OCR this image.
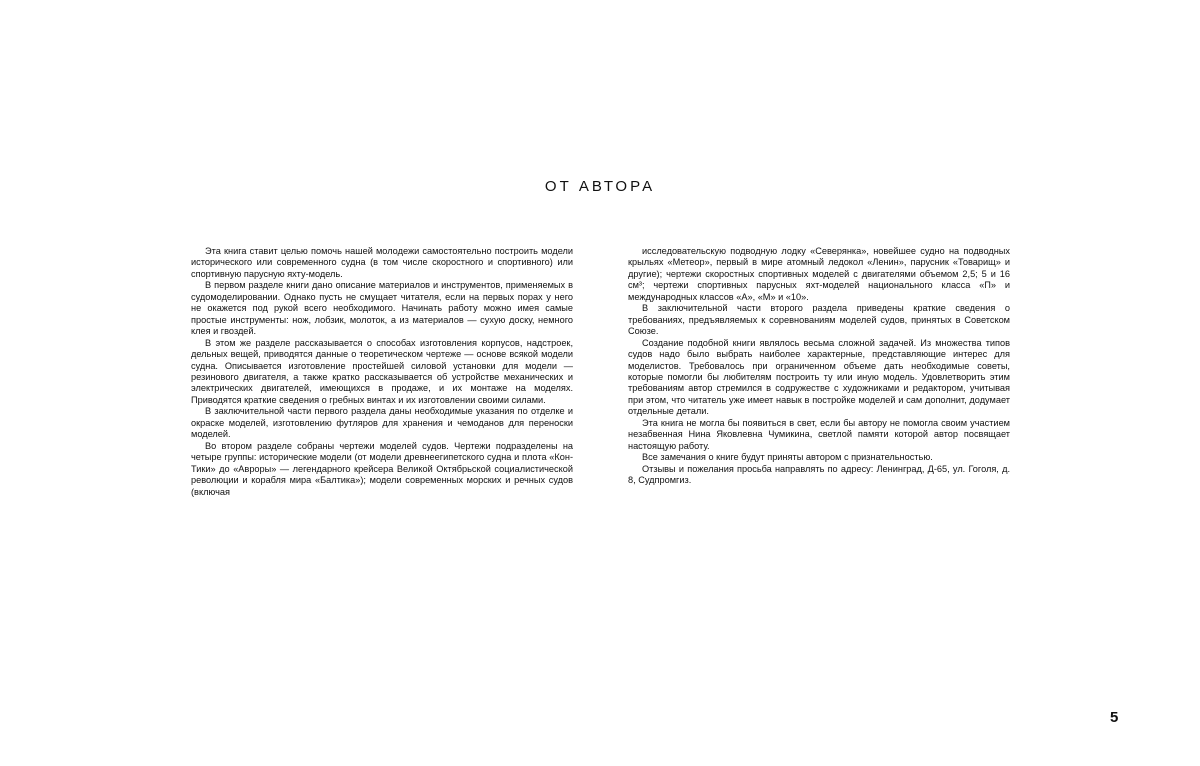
ОТ АВТОРА

Эта книга ставит целью помочь нашей молодежи самостоятельно построить модели исторического или современного судна (в том числе скоростного и спортивного) или спортивную парусную яхту-модель.

В первом разделе книги дано описание материалов и инструментов, применяемых в судомоделировании. Однако пусть не смущает читателя, если на первых порах у него не окажется под рукой всего необходимого. Начинать работу можно имея самые простые инструменты: нож, лобзик, молоток, а из материалов — сухую доску, немного клея и гвоздей.

В этом же разделе рассказывается о способах изготовления корпусов, надстроек, дельных вещей, приводятся данные о теоретическом чертеже — основе всякой модели судна. Описывается изготовление простейшей силовой установки для модели — резинового двигателя, а также кратко рассказывается об устройстве механических и электрических двигателей, имеющихся в продаже, и их монтаже на моделях. Приводятся краткие сведения о гребных винтах и их изготовлении своими силами.

В заключительной части первого раздела даны необходимые указания по отделке и окраске моделей, изготовлению футляров для хранения и чемоданов для переноски моделей.

Во втором разделе собраны чертежи моделей судов. Чертежи подразделены на четыре группы: исторические модели (от модели древнеегипетского судна и плота «Кон-Тики» до «Авроры» — легендарного крейсера Великой Октябрьской социалистической революции и корабля мира «Балтика»); модели современных морских и речных судов (включая

исследовательскую подводную лодку «Северянка», новейшее судно на подводных крыльях «Метеор», первый в мире атомный ледокол «Ленин», парусник «Товарищ» и другие); чертежи скоростных спортивных моделей с двигателями объемом 2,5; 5 и 16 см³; чертежи спортивных парусных яхт-моделей национального класса «П» и международных классов «А», «М» и «10».

В заключительной части второго раздела приведены краткие сведения о требованиях, предъявляемых к соревнованиям моделей судов, принятых в Советском Союзе.

Создание подобной книги являлось весьма сложной задачей. Из множества типов судов надо было выбрать наиболее характерные, представляющие интерес для моделистов. Требовалось при ограниченном объеме дать необходимые советы, которые помогли бы любителям построить ту или иную модель. Удовлетворить этим требованиям автор стремился в содружестве с художниками и редактором, учитывая при этом, что читатель уже имеет навык в постройке моделей и сам дополнит, додумает отдельные детали.

Эта книга не могла бы появиться в свет, если бы автору не помогла своим участием незабвенная Нина Яковлевна Чумикина, светлой памяти которой автор посвящает настоящую работу.

Все замечания о книге будут приняты автором с признательностью.

Отзывы и пожелания просьба направлять по адресу: Ленинград, Д-65, ул. Гоголя, д. 8, Судпромгиз.

5
